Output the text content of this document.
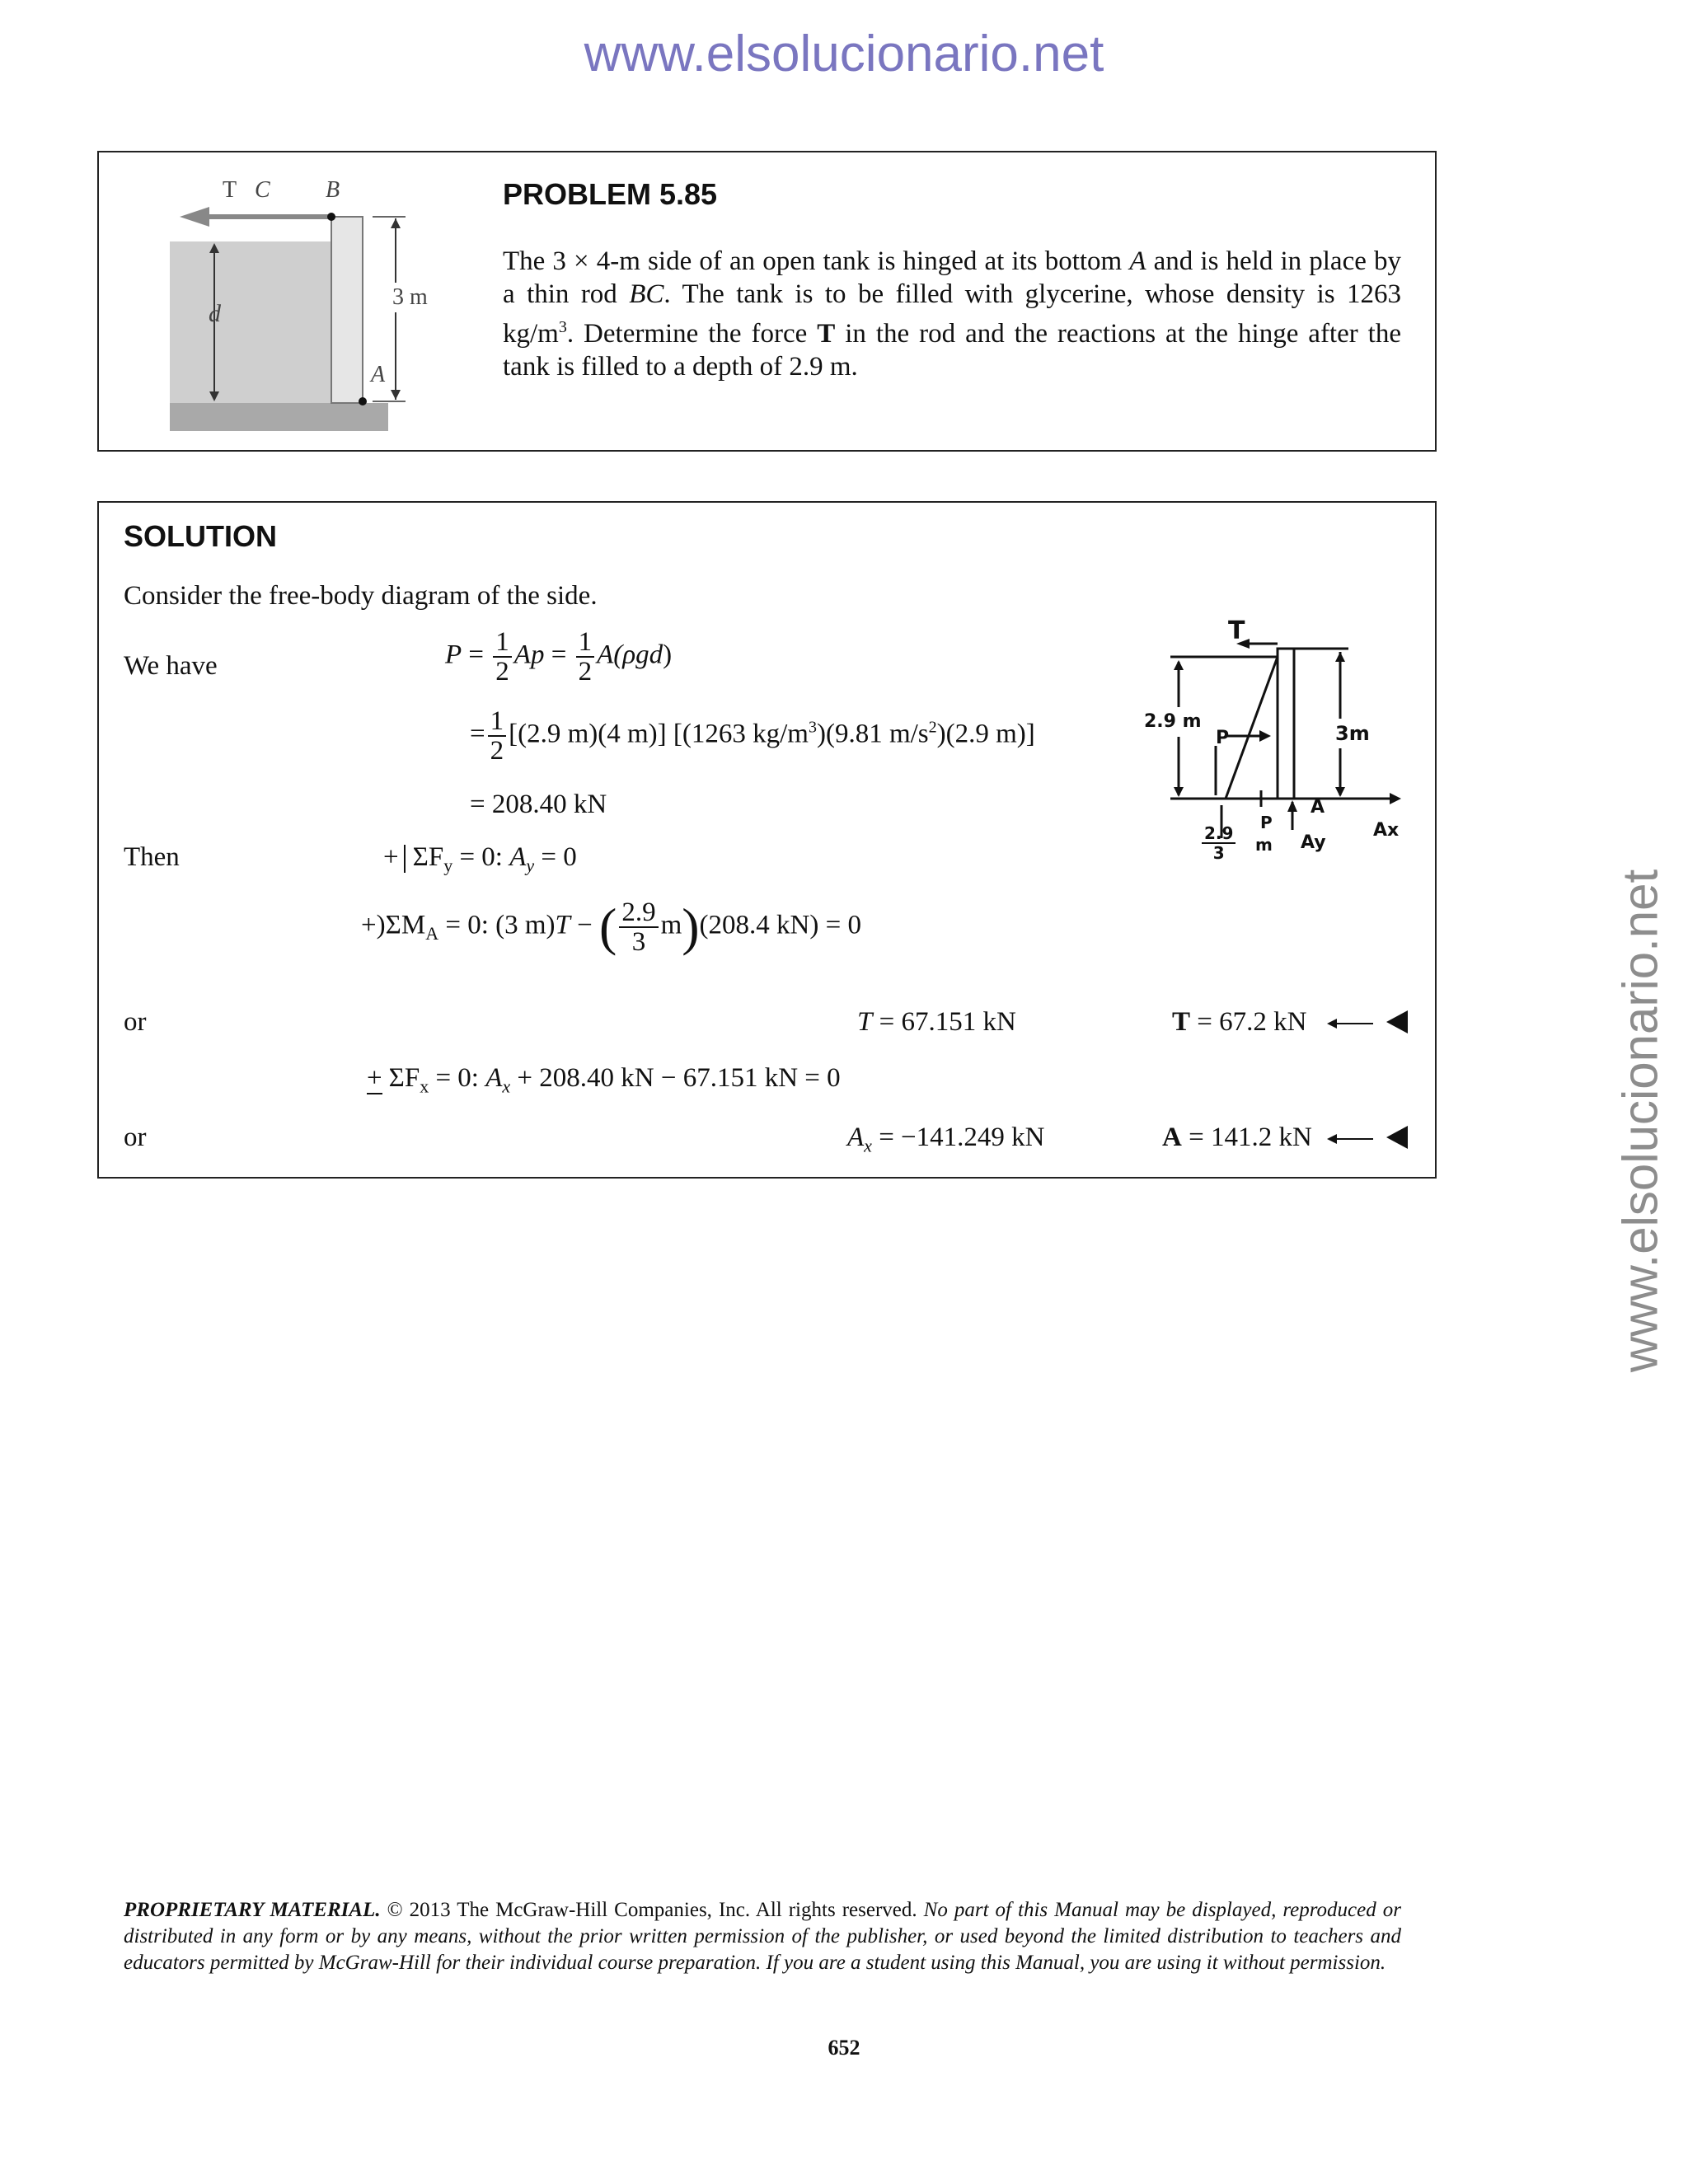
www.elsolucionario.net
www.elsolucionario.net
T C B
d
A
3 m
PROBLEM 5.85
The 3 × 4-m side of an open tank is hinged at its bottom A and is held in place by a thin rod BC. The tank is to be filled with glycerine, whose density is 1263 $kg/m^3$. Determine the force T in the rod and the reactions at the hinge after the tank is filled to a depth of 2.9 m.
SOLUTION
Consider the free-body diagram of the side.
We have	$P = \frac{1}{2}$ $Ap = \frac{1}{2} A(\rho gd)$
= $\frac{1}{2} [(2.9$ m)(4 m)] [(1263 $kg/m^3)(9.81$ $m/s^2)(2.9$ m)]
= 208.40 kN
Then	+ $\Sigma F_y = 0$: $A_y = 0$
$+)\Sigma M_A = 0$: (3 m)T − ( $\frac{2.9}{3} m)(208.4$ kN) = 0
or	T = 67.151 kN	T = 67.2 kN
+ $\Sigma F_x = 0$: $A_x + 208.40$ kN − 67.151 kN = 0
or	$A_x = -141.249$ kN	A = 141.2 kN
T
2.9 m
3m
P
P
A
$\frac{2.9}{3}$ m Ay
Ax
PROPRIETARY MATERIAL. © 2013 The McGraw-Hill Companies, Inc. All rights reserved. No part of this Manual may be displayed, reproduced or distributed in any form or by any means, without the prior written permission of the publisher, or used beyond the limited distribution to teachers and educators permitted by McGraw-Hill for their individual course preparation. If you are a student using this Manual, you are using it without permission.
652
